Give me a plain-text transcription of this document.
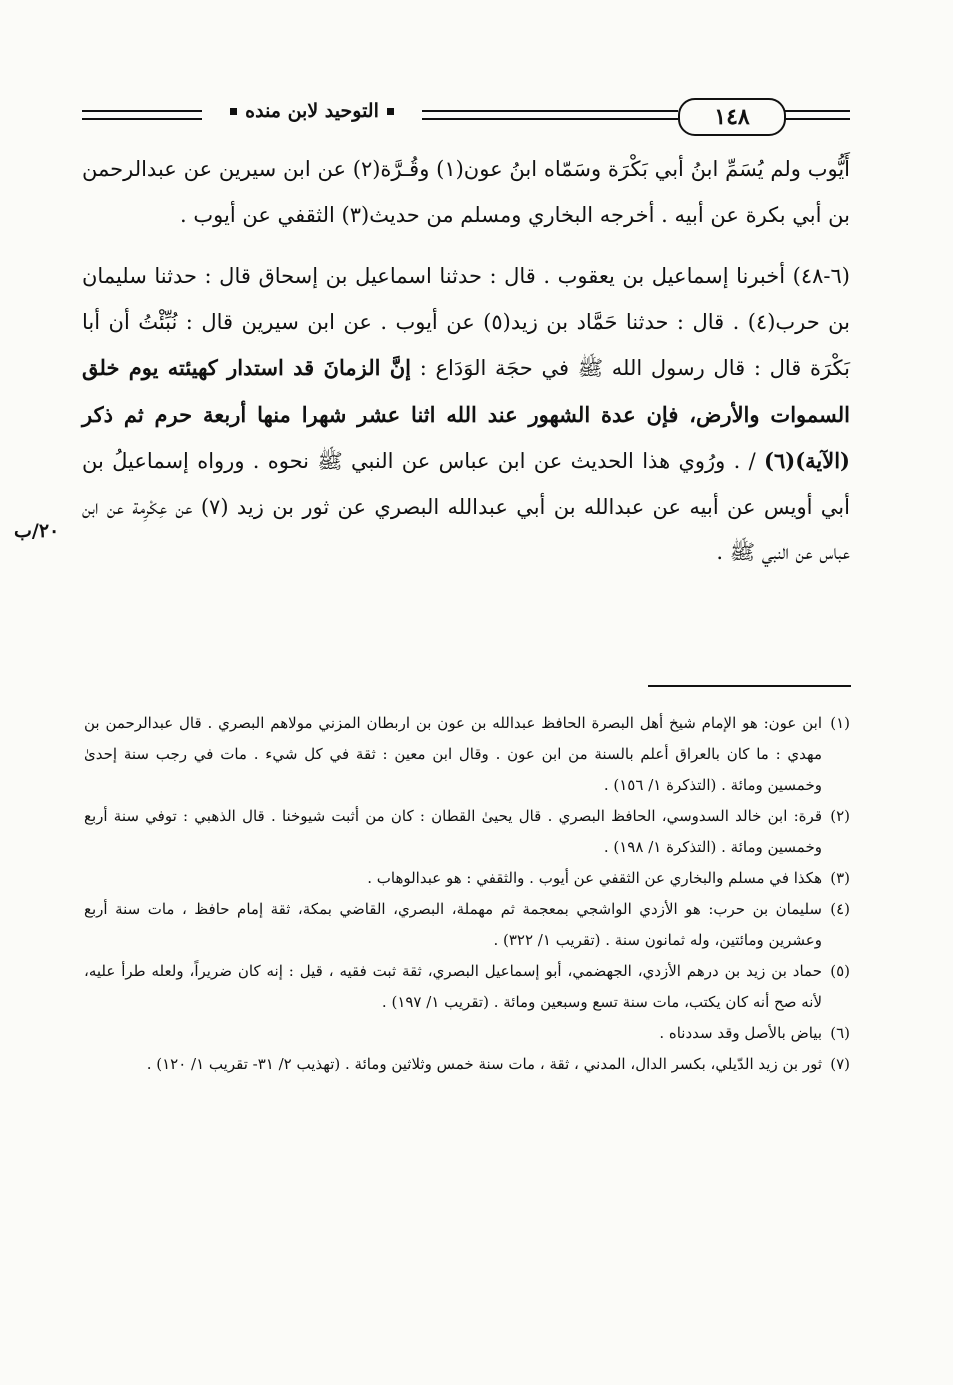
١٤٨
التوحيد لابن منده

أَيُّوب ولم يُسَمِّ ابنُ أبي بَكْرَة وسَمّاه ابنُ عون(١) وقُـرَّة(٢) عن ابن سيرين عن عبدالرحمن بن أبي بكرة عن أبيه . أخرجه البخاري ومسلم من حديث(٣) الثقفي عن أيوب .

(٦-٤٨) أخبرنا إسماعيل بن يعقوب . قال : حدثنا اسماعيل بن إسحاق قال : حدثنا سليمان بن حرب(٤) . قال : حدثنا حَمَّاد بن زيد(٥) عن أيوب . عن ابن سيرين قال : نُبِّئْتُ أن أبا بَكْرَة قال : قال رسول الله ﷺ في حجَة الوَدَاع : إنَّ الزمانَ قد استدار كهيئته يوم خلق السموات والأرض، فإن عدة الشهور عند الله اثنا عشر شهرا منها أربعة حرم ثم ذكر (الآية)(٦) / . ورُوي هذا الحديث عن ابن عباس عن النبي ﷺ نحوه . ورواه إسماعيلُ بن أبي أويس عن أبيه عن عبدالله بن أبي عبدالله البصري عن ثور بن زيد (٧) عن عِكْرِمة عن ابن عباس عن النبي ﷺ .

٢٠/ب
(١)
ابن عون: هو الإمام شيخ أهل البصرة الحافظ عبدالله بن عون بن اربطان المزني مولاهم البصري . قال عبدالرحمن بن مهدي : ما كان بالعراق أعلم بالسنة من ابن عون . وقال ابن معين : ثقة في كل شيء . مات في رجب سنة إحدىٰ وخمسين ومائة . (التذكرة ١/ ١٥٦) .
(٢)
قرة: ابن خالد السدوسي، الحافظ البصري . قال يحيىٰ القطان : كان من أثبت شيوخنا . قال الذهبي : توفي سنة أربع وخمسين ومائة . (التذكرة ١/ ١٩٨) .
(٣)
هكذا في مسلم والبخاري عن الثقفي عن أيوب . والثقفي : هو عبدالوهاب .
(٤)
سليمان بن حرب: هو الأزدي الواشجي بمعجمة ثم مهملة، البصري، القاضي بمكة، ثقة إمام حافظ ، مات سنة أربع وعشرين ومائتين، وله ثمانون سنة . (تقريب ١/ ٣٢٢) .
(٥)
حماد بن زيد بن درهم الأزدي، الجهضمي، أبو إسماعيل البصري، ثقة ثبت فقيه ، قيل : إنه كان ضريراً، ولعله طرأ عليه، لأنه صح أنه كان يكتب، مات سنة تسع وسبعين ومائة . (تقريب ١/ ١٩٧) .
(٦)
بياض بالأصل وقد سددناه .
(٧)
ثور بن زيد الدّيلي، بكسر الدال، المدني ، ثقة ، مات سنة خمس وثلاثين ومائة . (تهذيب ٢/ ٣١- تقريب ١/ ١٢٠) .
